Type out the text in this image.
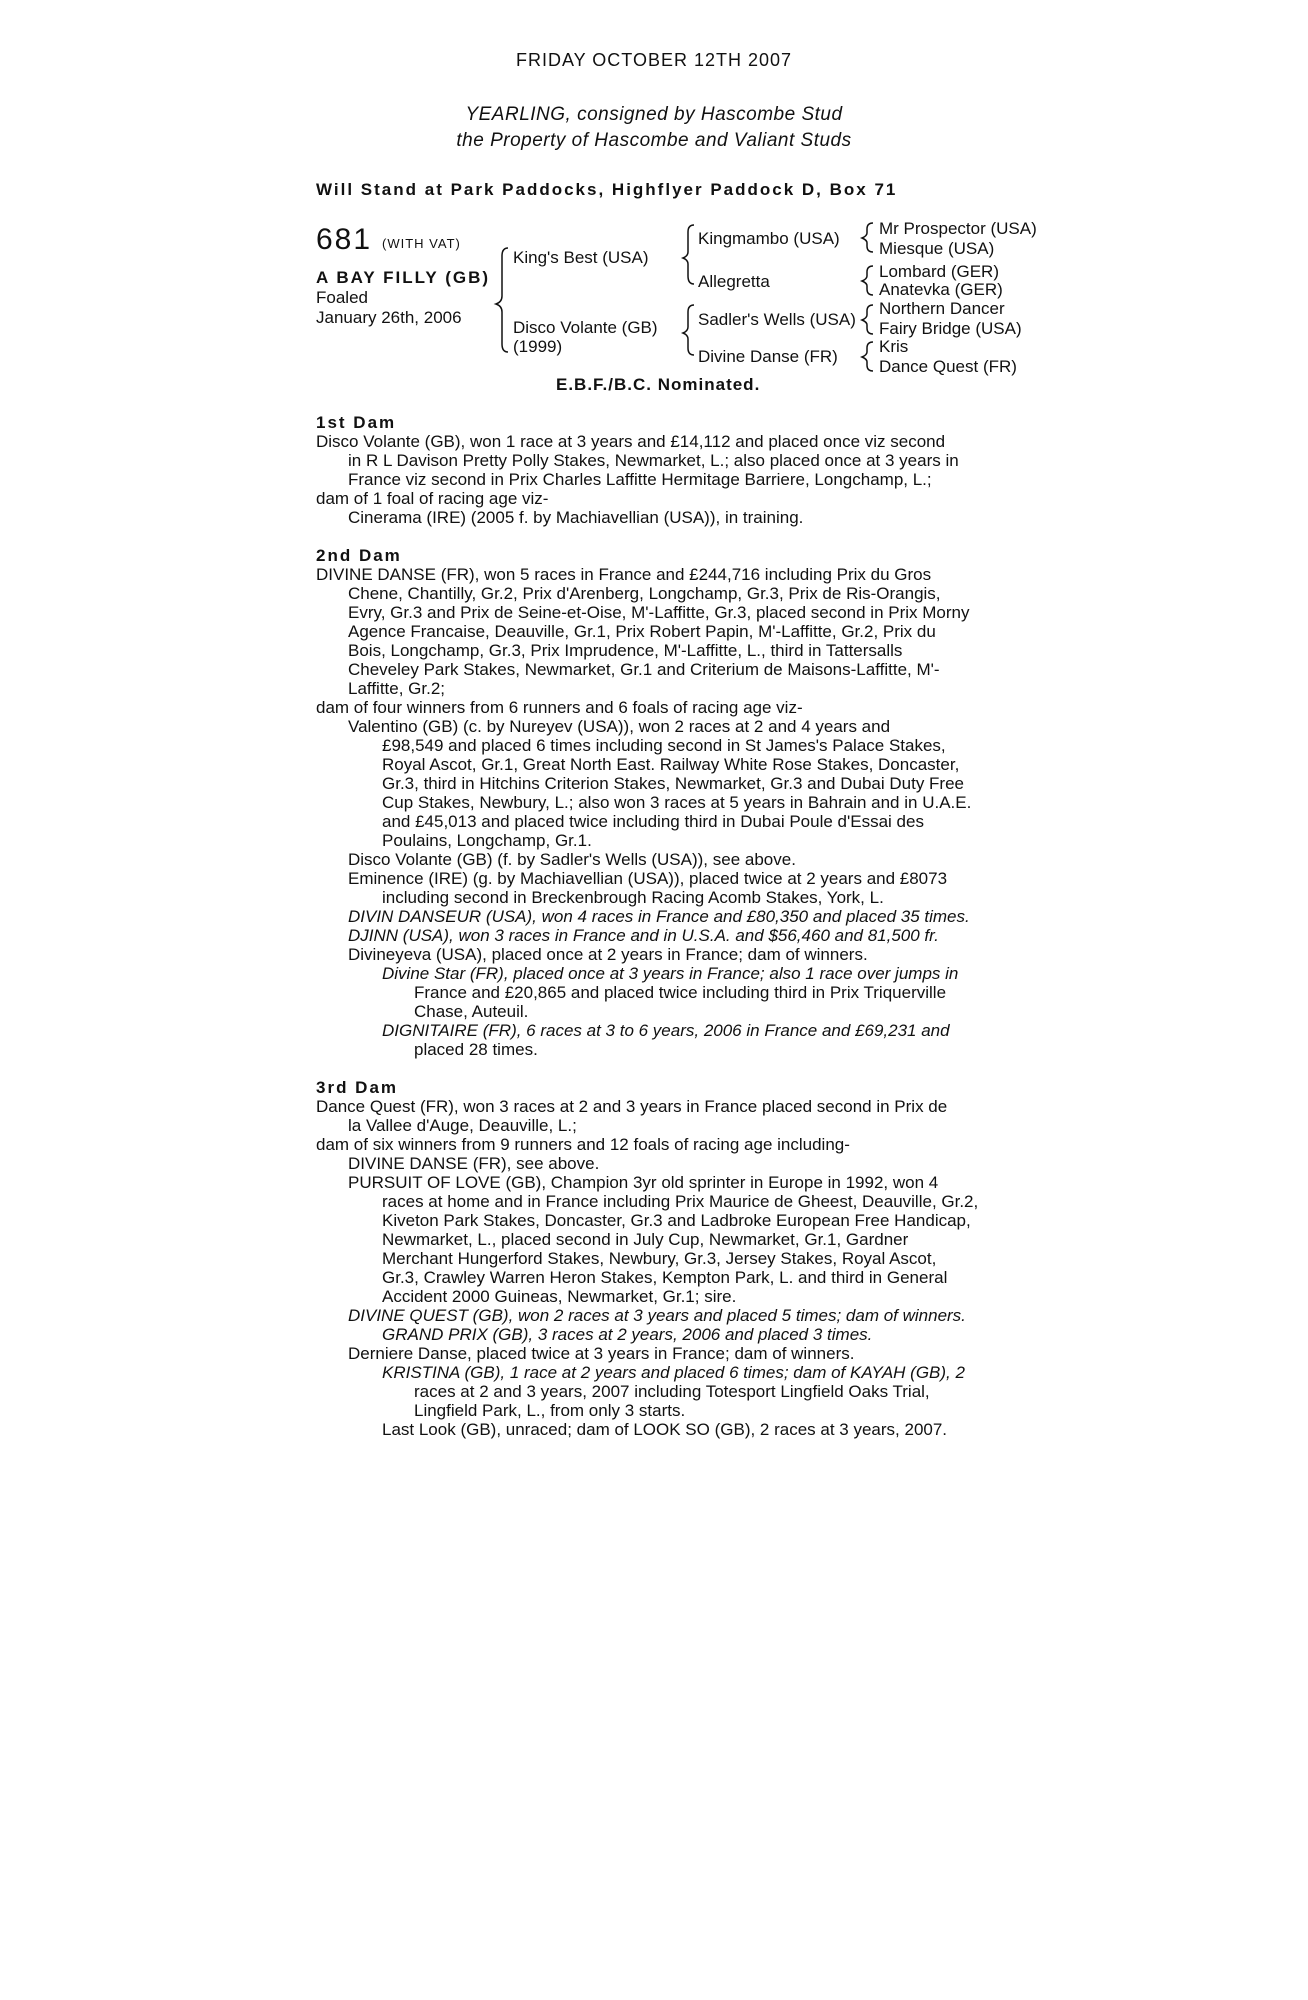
FRIDAY OCTOBER 12TH 2007
YEARLING, consigned by Hascombe Stud
the Property of Hascombe and Valiant Studs
Will Stand at Park Paddocks, Highflyer Paddock D, Box 71
681 (WITH VAT)
A BAY FILLY (GB)
Foaled
January 26th, 2006
King's Best (USA)
Disco Volante (GB)
(1999)
Kingmambo (USA)
Allegretta
Sadler's Wells (USA)
Divine Danse (FR)
Mr Prospector (USA)
Miesque (USA)
Lombard (GER)
Anatevka (GER)
Northern Dancer
Fairy Bridge (USA)
Kris
Dance Quest (FR)
E.B.F./B.C. Nominated.
1st Dam
Disco Volante (GB), won 1 race at 3 years and £14,112 and placed once viz second
in R L Davison Pretty Polly Stakes, Newmarket, L.; also placed once at 3 years in
France viz second in Prix Charles Laffitte Hermitage Barriere, Longchamp, L.;
dam of 1 foal of racing age viz-
Cinerama (IRE) (2005 f. by Machiavellian (USA)), in training.
2nd Dam
DIVINE DANSE (FR), won 5 races in France and £244,716 including Prix du Gros
Chene, Chantilly, Gr.2, Prix d'Arenberg, Longchamp, Gr.3, Prix de Ris-Orangis,
Evry, Gr.3 and Prix de Seine-et-Oise, M'-Laffitte, Gr.3, placed second in Prix Morny
Agence Francaise, Deauville, Gr.1, Prix Robert Papin, M'-Laffitte, Gr.2, Prix du
Bois, Longchamp, Gr.3, Prix Imprudence, M'-Laffitte, L., third in Tattersalls
Cheveley Park Stakes, Newmarket, Gr.1 and Criterium de Maisons-Laffitte, M'-
Laffitte, Gr.2;
dam of four winners from 6 runners and 6 foals of racing age viz-
Valentino (GB) (c. by Nureyev (USA)), won 2 races at 2 and 4 years and
£98,549 and placed 6 times including second in St James's Palace Stakes,
Royal Ascot, Gr.1, Great North East. Railway White Rose Stakes, Doncaster,
Gr.3, third in Hitchins Criterion Stakes, Newmarket, Gr.3 and Dubai Duty Free
Cup Stakes, Newbury, L.; also won 3 races at 5 years in Bahrain and in U.A.E.
and £45,013 and placed twice including third in Dubai Poule d'Essai des
Poulains, Longchamp, Gr.1.
Disco Volante (GB) (f. by Sadler's Wells (USA)), see above.
Eminence (IRE) (g. by Machiavellian (USA)), placed twice at 2 years and £8073
including second in Breckenbrough Racing Acomb Stakes, York, L.
DIVIN DANSEUR (USA), won 4 races in France and £80,350 and placed 35 times.
DJINN (USA), won 3 races in France and in U.S.A. and $56,460 and 81,500 fr.
Divineyeva (USA), placed once at 2 years in France; dam of winners.
Divine Star (FR), placed once at 3 years in France; also 1 race over jumps in
France and £20,865 and placed twice including third in Prix Triquerville
Chase, Auteuil.
DIGNITAIRE (FR), 6 races at 3 to 6 years, 2006 in France and £69,231 and
placed 28 times.
3rd Dam
Dance Quest (FR), won 3 races at 2 and 3 years in France placed second in Prix de
la Vallee d'Auge, Deauville, L.;
dam of six winners from 9 runners and 12 foals of racing age including-
DIVINE DANSE (FR), see above.
PURSUIT OF LOVE (GB), Champion 3yr old sprinter in Europe in 1992, won 4
races at home and in France including Prix Maurice de Gheest, Deauville, Gr.2,
Kiveton Park Stakes, Doncaster, Gr.3 and Ladbroke European Free Handicap,
Newmarket, L., placed second in July Cup, Newmarket, Gr.1, Gardner
Merchant Hungerford Stakes, Newbury, Gr.3, Jersey Stakes, Royal Ascot,
Gr.3, Crawley Warren Heron Stakes, Kempton Park, L. and third in General
Accident 2000 Guineas, Newmarket, Gr.1; sire.
DIVINE QUEST (GB), won 2 races at 3 years and placed 5 times; dam of winners.
GRAND PRIX (GB), 3 races at 2 years, 2006 and placed 3 times.
Derniere Danse, placed twice at 3 years in France; dam of winners.
KRISTINA (GB), 1 race at 2 years and placed 6 times; dam of KAYAH (GB), 2
races at 2 and 3 years, 2007 including Totesport Lingfield Oaks Trial,
Lingfield Park, L., from only 3 starts.
Last Look (GB), unraced; dam of LOOK SO (GB), 2 races at 3 years, 2007.
